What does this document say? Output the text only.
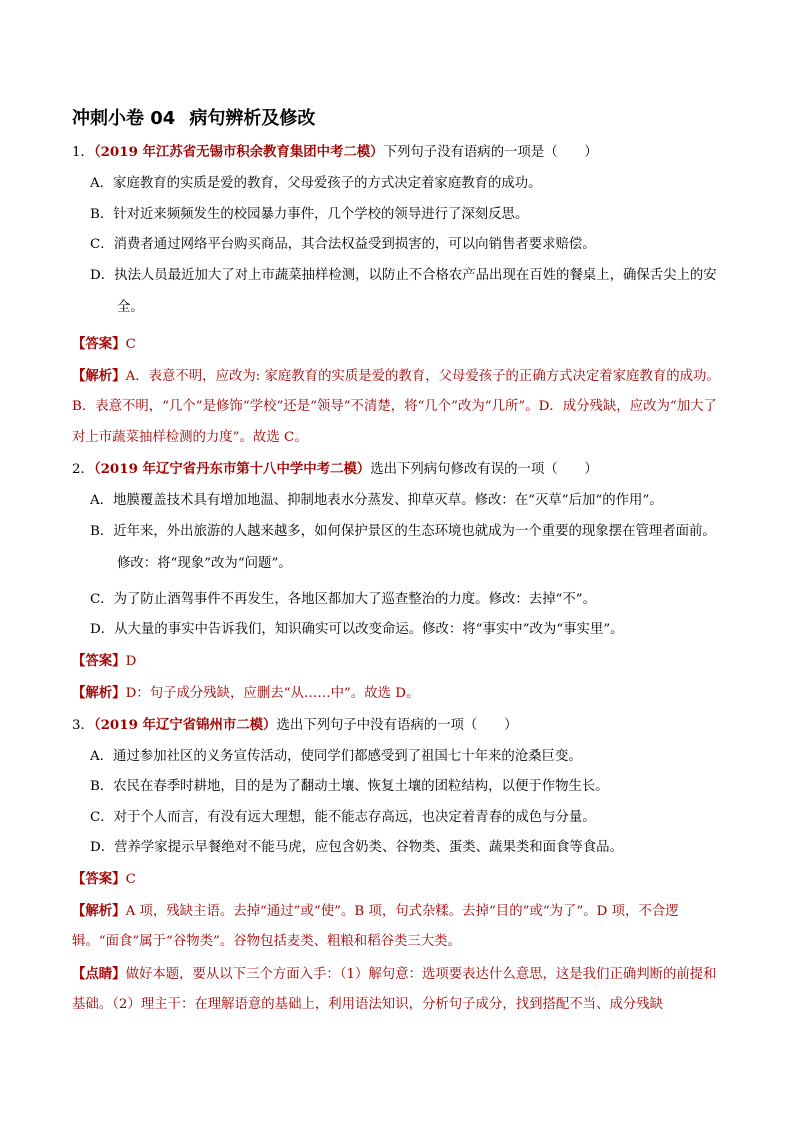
冲刺小卷 04 病句辨析及修改

1．（2019 年江苏省无锡市积余教育集团中考二模）下列句子没有语病的一项是（　　）

A．家庭教育的实质是爱的教育，父母爱孩子的方式决定着家庭教育的成功。

B．针对近来频频发生的校园暴力事件，几个学校的领导进行了深刻反思。

C．消费者通过网络平台购买商品，其合法权益受到损害的，可以向销售者要求赔偿。

D．执法人员最近加大了对上市蔬菜抽样检测，以防止不合格农产品出现在百姓的餐桌上，确保舌尖上的安全。

【答案】C

【解析】A．表意不明，应改为: 家庭教育的实质是爱的教育，父母爱孩子的正确方式决定着家庭教育的成功。B．表意不明，“几个”是修饰“学校”还是“领导”不清楚，将“几个”改为“几所”。D．成分残缺，应改为“加大了对上市蔬菜抽样检测的力度”。故选 C。

2．（2019 年辽宁省丹东市第十八中学中考二模）选出下列病句修改有误的一项（　　）

A．地膜覆盖技术具有增加地温、抑制地表水分蒸发、抑草灭草。修改：在“灭草”后加“的作用”。

B．近年来，外出旅游的人越来越多，如何保护景区的生态环境也就成为一个重要的现象摆在管理者面前。修改：将“现象”改为“问题”。

C．为了防止酒驾事件不再发生，各地区都加大了巡查整治的力度。修改：去掉“不”。

D．从大量的事实中告诉我们，知识确实可以改变命运。修改：将“事实中”改为“事实里”。

【答案】D

【解析】D：句子成分残缺，应删去“从……中”。故选 D。

3．（2019 年辽宁省锦州市二模）选出下列句子中没有语病的一项（　　）

A．通过参加社区的义务宣传活动，使同学们都感受到了祖国七十年来的沧桑巨变。

B．农民在春季时耕地，目的是为了翻动土壤、恢复土壤的团粒结构，以便于作物生长。

C．对于个人而言，有没有远大理想，能不能志存高远，也决定着青春的成色与分量。

D．营养学家提示早餐绝对不能马虎，应包含奶类、谷物类、蛋类、蔬果类和面食等食品。

【答案】C

【解析】A 项，残缺主语。去掉“通过”或“使”。B 项，句式杂糅。去掉“目的”或“为了”。D 项，不合逻辑。“面食”属于“谷物类”。谷物包括麦类、粗粮和稻谷类三大类。

【点睛】做好本题，要从以下三个方面入手：（1）解句意：选项要表达什么意思，这是我们正确判断的前提和基础。（2）理主干：在理解语意的基础上，利用语法知识，分析句子成分，找到搭配不当、成分残缺
